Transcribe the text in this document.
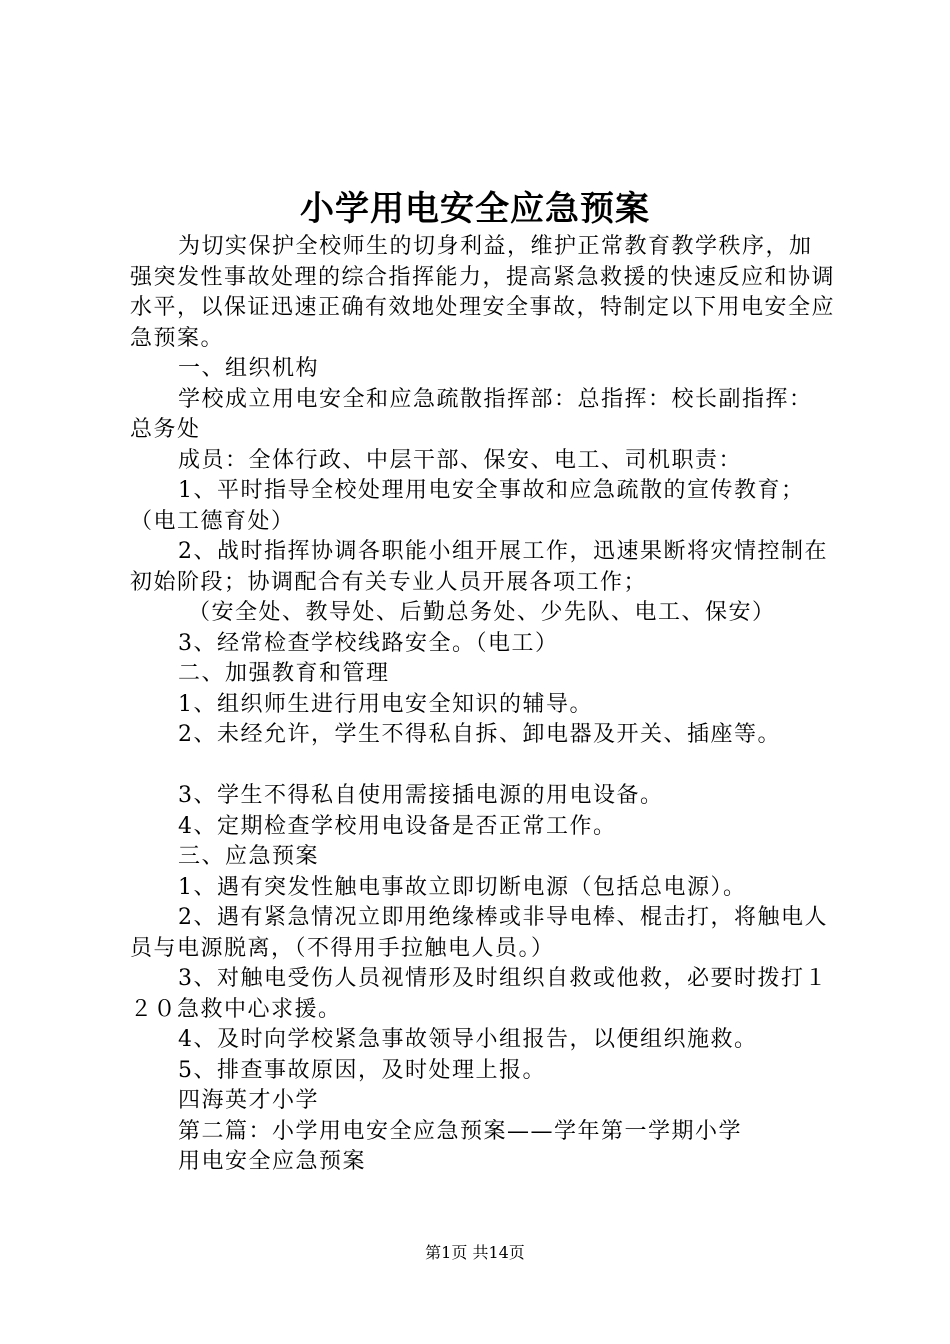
小学用电安全应急预案

为切实保护全校师生的切身利益，维护正常教育教学秩序，加强突发性事故处理的综合指挥能力，提高紧急救援的快速反应和协调水平，以保证迅速正确有效地处理安全事故，特制定以下用电安全应急预案。

一、组织机构

学校成立用电安全和应急疏散指挥部：总指挥：校长副指挥：总务处

成员：全体行政、中层干部、保安、电工、司机职责：

1、平时指导全校处理用电安全事故和应急疏散的宣传教育；（电工德育处）

2、战时指挥协调各职能小组开展工作，迅速果断将灾情控制在初始阶段；协调配合有关专业人员开展各项工作；

（安全处、教导处、后勤总务处、少先队、电工、保安）

3、经常检查学校线路安全。（电工）

二、加强教育和管理

1、组织师生进行用电安全知识的辅导。

2、未经允许，学生不得私自拆、卸电器及开关、插座等。

3、学生不得私自使用需接插电源的用电设备。

4、定期检查学校用电设备是否正常工作。

三、应急预案

1、遇有突发性触电事故立即切断电源（包括总电源）。

2、遇有紧急情况立即用绝缘棒或非导电棒、棍击打，将触电人员与电源脱离，（不得用手拉触电人员。）

3、对触电受伤人员视情形及时组织自救或他救，必要时拨打１２０急救中心求援。

4、及时向学校紧急事故领导小组报告，以便组织施救。

5、排查事故原因，及时处理上报。

四海英才小学

第二篇：小学用电安全应急预案——学年第一学期小学

用电安全应急预案

第1页 共14页
